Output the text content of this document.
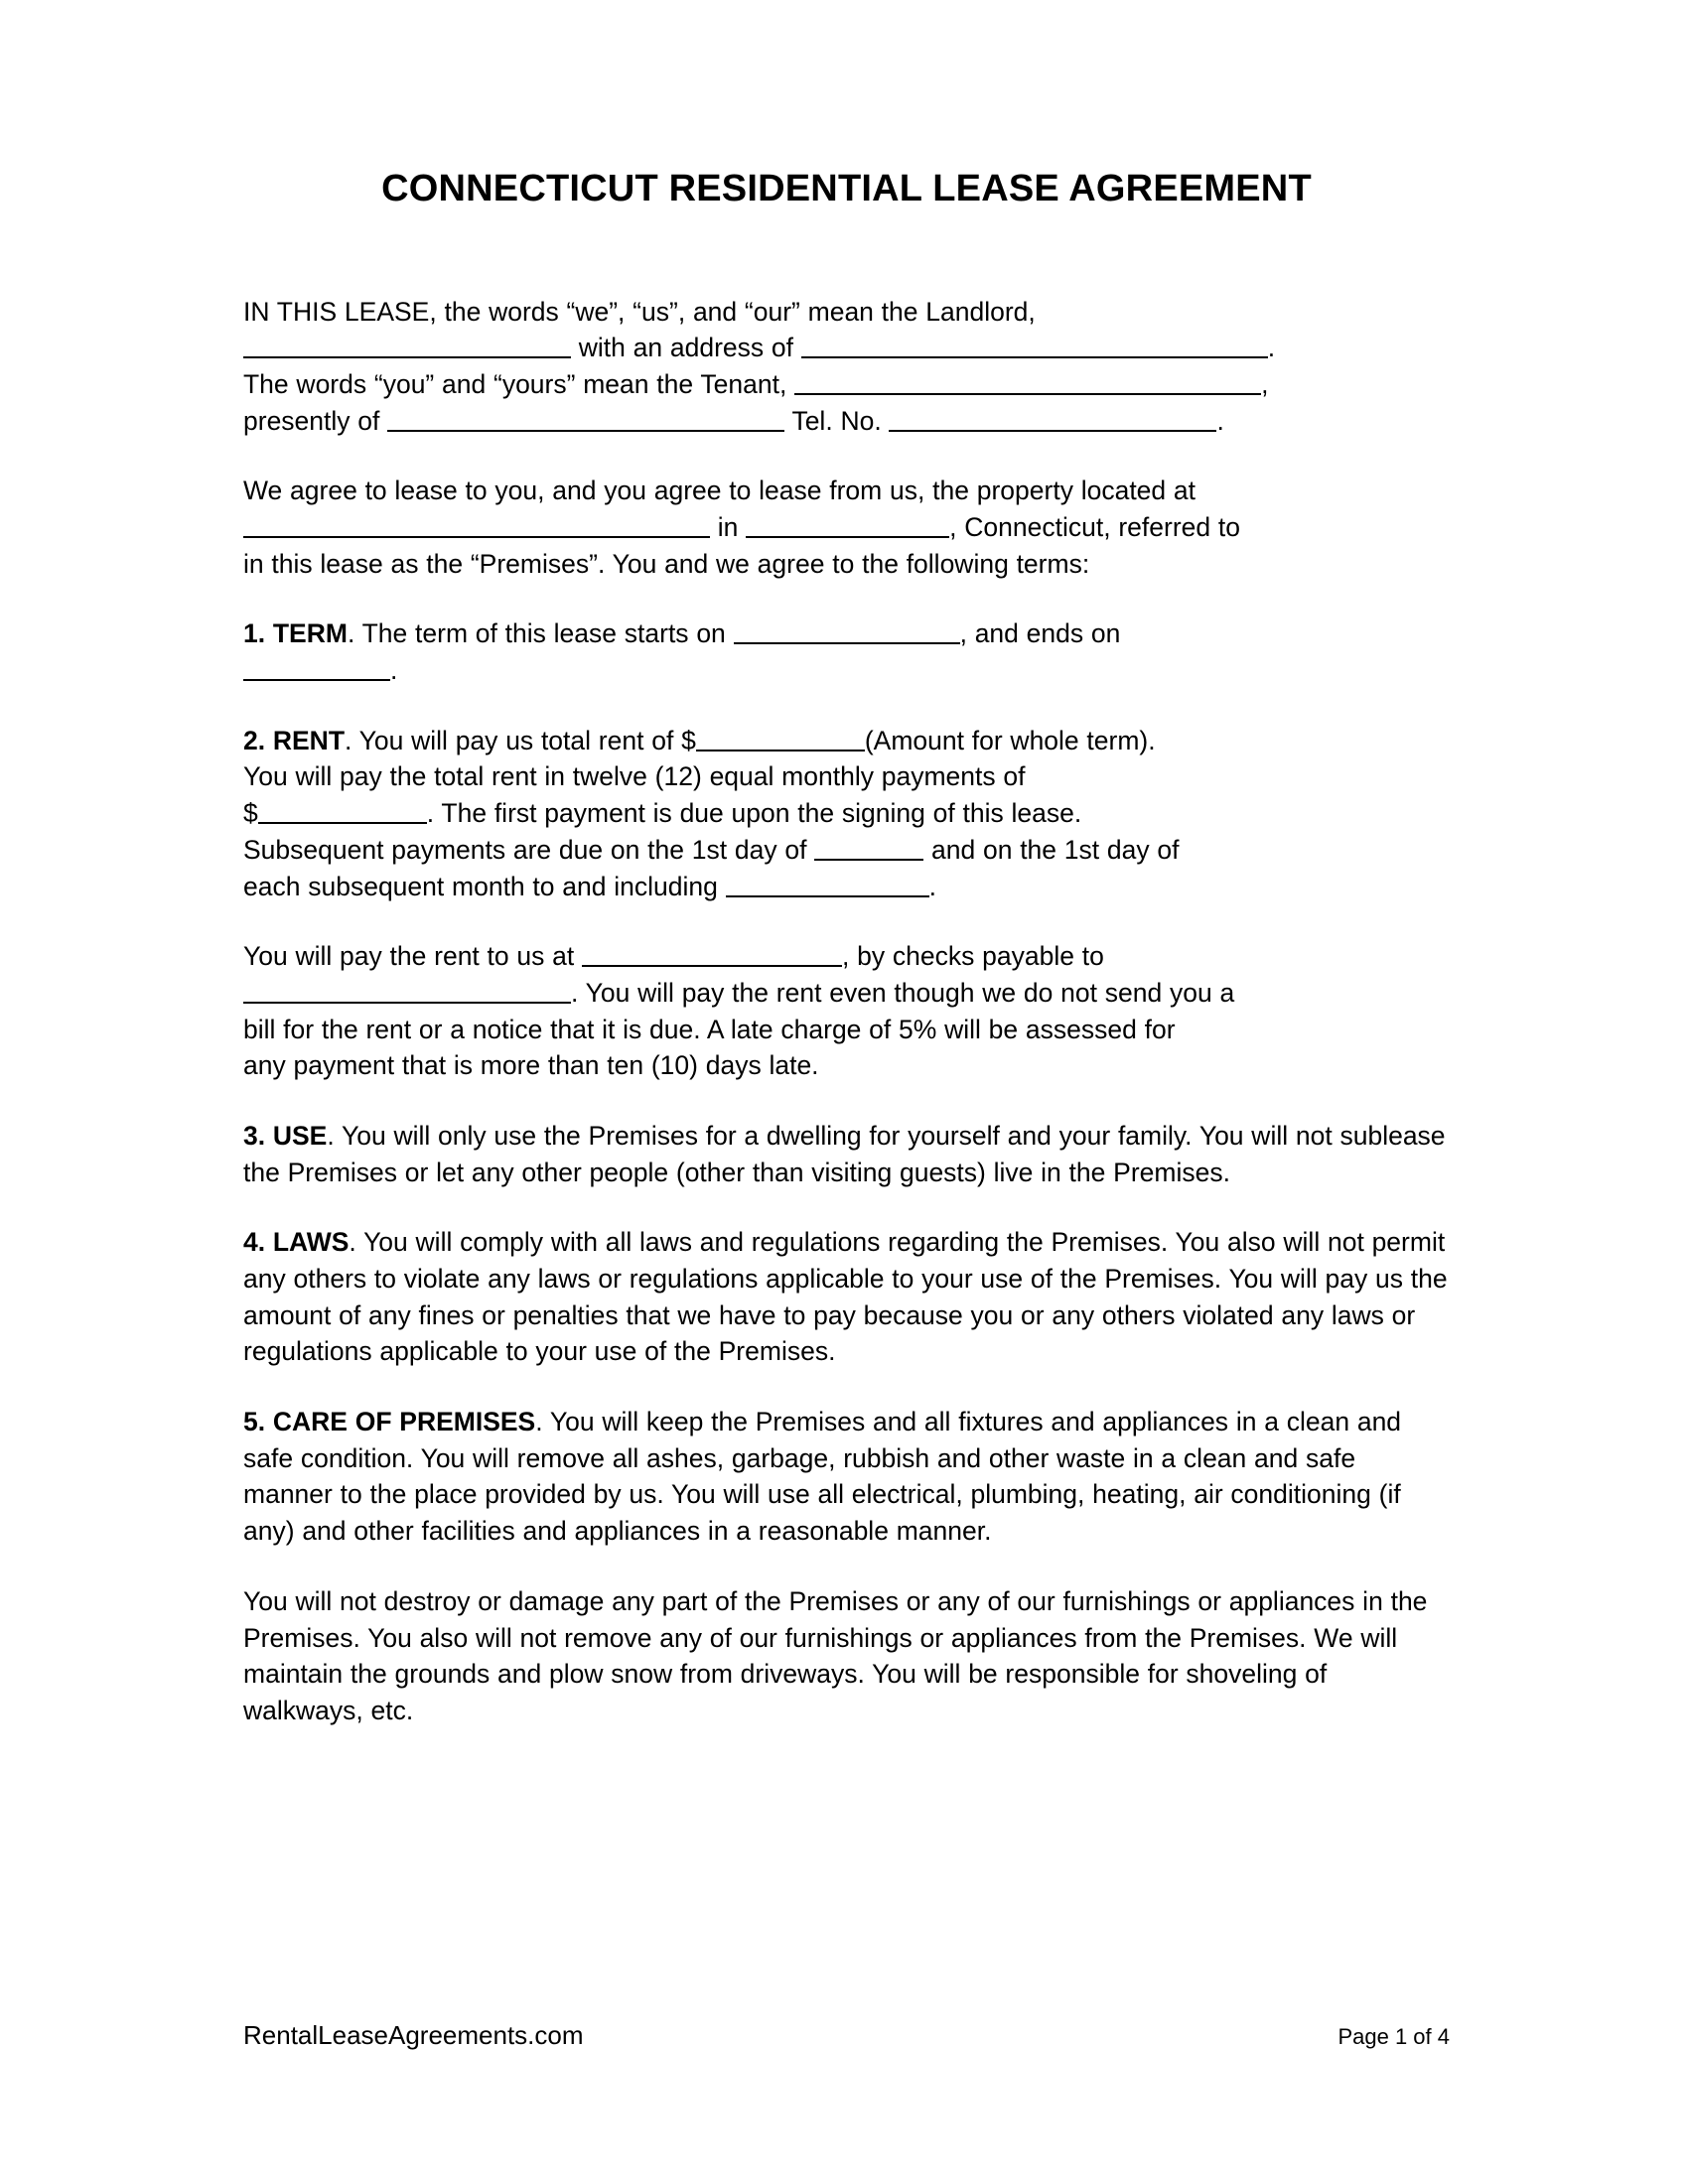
CONNECTICUT RESIDENTIAL LEASE AGREEMENT

IN THIS LEASE, the words “we”, “us”, and “our” mean the Landlord,
with an address of	.
The words “you” and “yours” mean the Tenant,	,
presently of	Tel. No.	.

We agree to lease to you, and you agree to lease from us, the property located at
in	, Connecticut, referred to
in this lease as the “Premises”. You and we agree to the following terms:

1. TERM. The term of this lease starts on	, and ends on
.

2. RENT. You will pay us total rent of $	(Amount for whole term).
You will pay the total rent in twelve (12) equal monthly payments of
$	. The first payment is due upon the signing of this lease.
Subsequent payments are due on the 1st day of	and on the 1st day of
each subsequent month to and including	.

You will pay the rent to us at	, by checks payable to
. You will pay the rent even though we do not send you a
bill for the rent or a notice that it is due. A late charge of 5% will be assessed for
any payment that is more than ten (10) days late.

3. USE. You will only use the Premises for a dwelling for yourself and your family. You will not sublease the Premises or let any other people (other than visiting guests) live in the Premises.

4. LAWS. You will comply with all laws and regulations regarding the Premises. You also will not permit any others to violate any laws or regulations applicable to your use of the Premises. You will pay us the amount of any fines or penalties that we have to pay because you or any others violated any laws or regulations applicable to your use of the Premises.

5. CARE OF PREMISES. You will keep the Premises and all fixtures and appliances in a clean and safe condition. You will remove all ashes, garbage, rubbish and other waste in a clean and safe manner to the place provided by us. You will use all electrical, plumbing, heating, air conditioning (if any) and other facilities and appliances in a reasonable manner.

You will not destroy or damage any part of the Premises or any of our furnishings or appliances in the Premises. You also will not remove any of our furnishings or appliances from the Premises. We will maintain the grounds and plow snow from driveways. You will be responsible for shoveling of walkways, etc.

RentalLeaseAgreements.com	Page 1 of 4
